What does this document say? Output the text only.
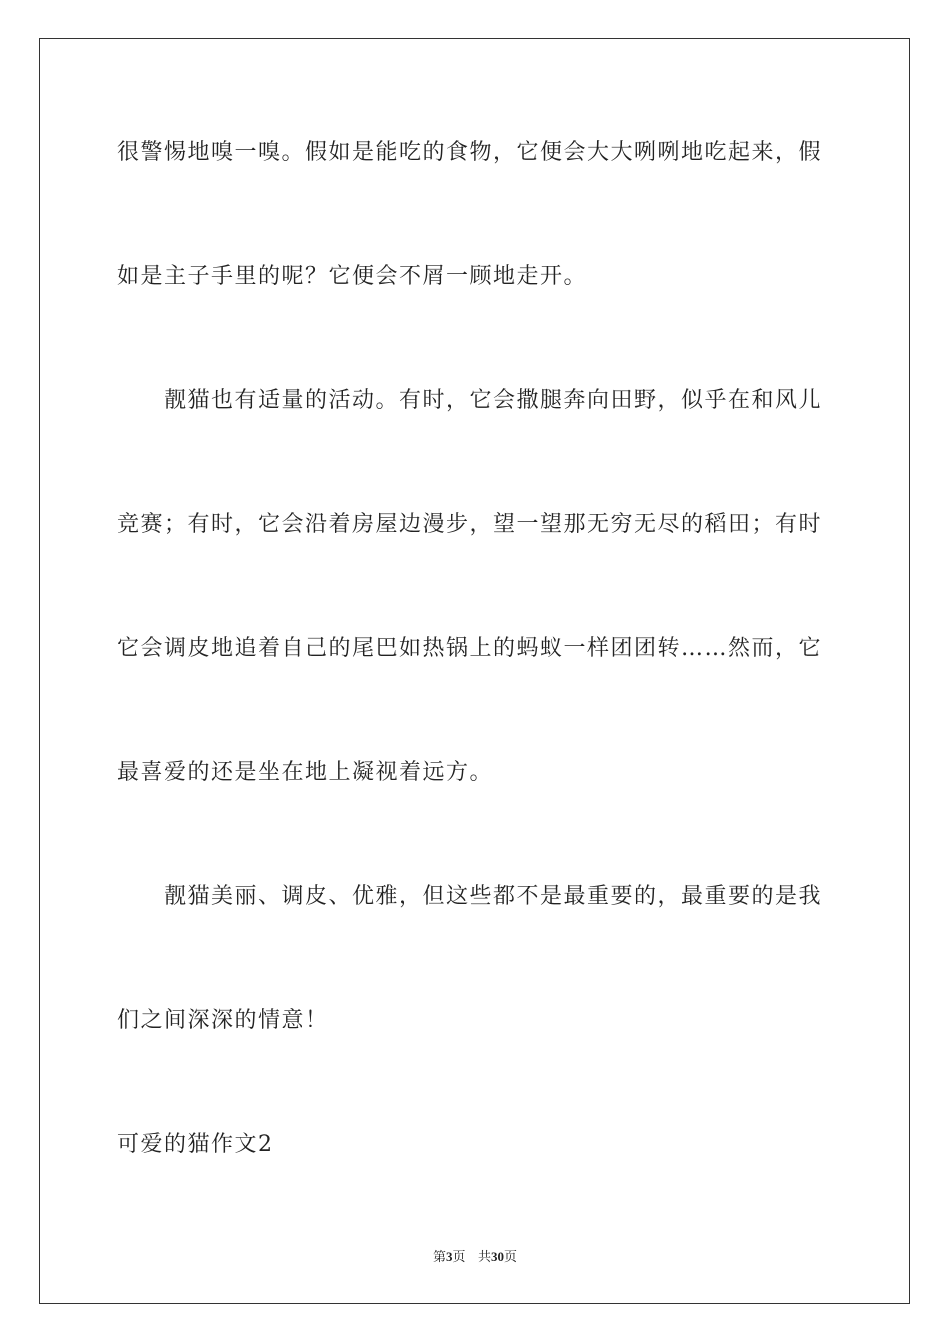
很警惕地嗅一嗅。假如是能吃的食物，它便会大大咧咧地吃起来，假
如是主子手里的呢？它便会不屑一顾地走开。
靓猫也有适量的活动。有时，它会撒腿奔向田野，似乎在和风儿
竞赛；有时，它会沿着房屋边漫步，望一望那无穷无尽的稻田；有时
它会调皮地追着自己的尾巴如热锅上的蚂蚁一样团团转……然而，它
最喜爱的还是坐在地上凝视着远方。
靓猫美丽、调皮、优雅，但这些都不是最重要的，最重要的是我
们之间深深的情意！
可爱的猫作文2
第3页 共30页
